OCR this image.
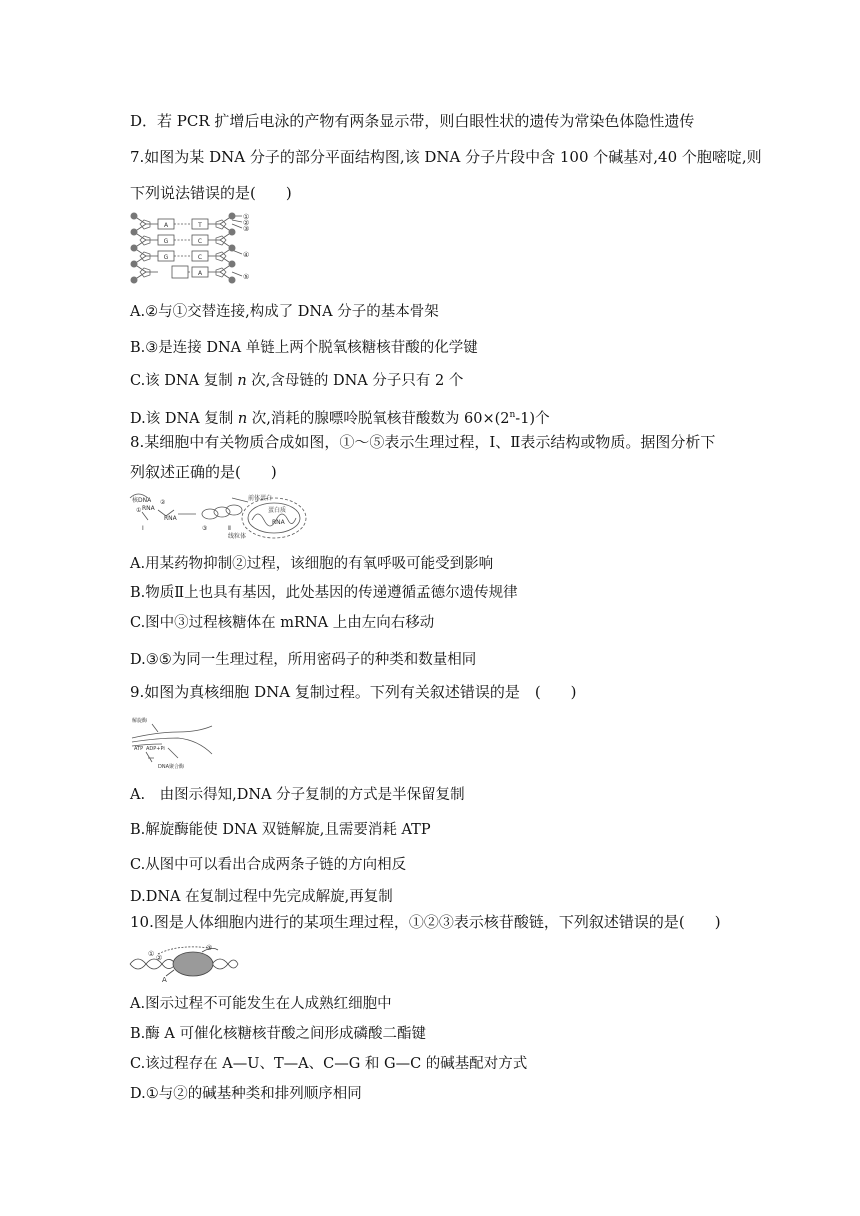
D．若 PCR 扩增后电泳的产物有两条显示带，则白眼性状的遗传为常染色体隐性遗传
7.如图为某 DNA 分子的部分平面结构图,该 DNA 分子片段中含 100 个碱基对,40 个胞嘧啶,则
下列说法错误的是(　　)
A
G
G
T
C
C
A
①
②
③
④
⑤
A.②与①交替连接,构成了 DNA 分子的基本骨架
B.③是连接 DNA 单链上两个脱氧核糖核苷酸的化学键
C.该 DNA 复制 n 次,含母链的 DNA 分子只有 2 个
D.该 DNA 复制 n 次,消耗的腺嘌呤脱氧核苷酸数为 $60\times(2^n-1)$个
8.某细胞中有关物质合成如图，①～⑤表示生理过程，Ⅰ、Ⅱ表示结构或物质。据图分析下
列叙述正确的是(　　)
核DNA
① RNA
②
RNA
Ⅰ	③
前体蛋白
蛋白质
RNA
Ⅱ
线粒体
A.用某药物抑制②过程，该细胞的有氧呼吸可能受到影响
B.物质Ⅱ上也具有基因，此处基因的传递遵循孟德尔遗传规律
C.图中③过程核糖体在 mRNA 上由左向右移动
D.③⑤为同一生理过程，所用密码子的种类和数量相同
9.如图为真核细胞 DNA 复制过程。下列有关叙述错误的是　(　　)
解旋酶
ATP ADP+Pi
DNA聚合酶
A.　由图示得知,DNA 分子复制的方式是半保留复制
B.解旋酶能使 DNA 双链解旋,且需要消耗 ATP
C.从图中可以看出合成两条子链的方向相反
D.DNA 在复制过程中先完成解旋,再复制
10.图是人体细胞内进行的某项生理过程，①②③表示核苷酸链，下列叙述错误的是(　　)
① ②
③
A
A.图示过程不可能发生在人成熟红细胞中
B.酶 A 可催化核糖核苷酸之间形成磷酸二酯键
C.该过程存在 A—U、T—A、C—G 和 G—C 的碱基配对方式
D.①与②的碱基种类和排列顺序相同
